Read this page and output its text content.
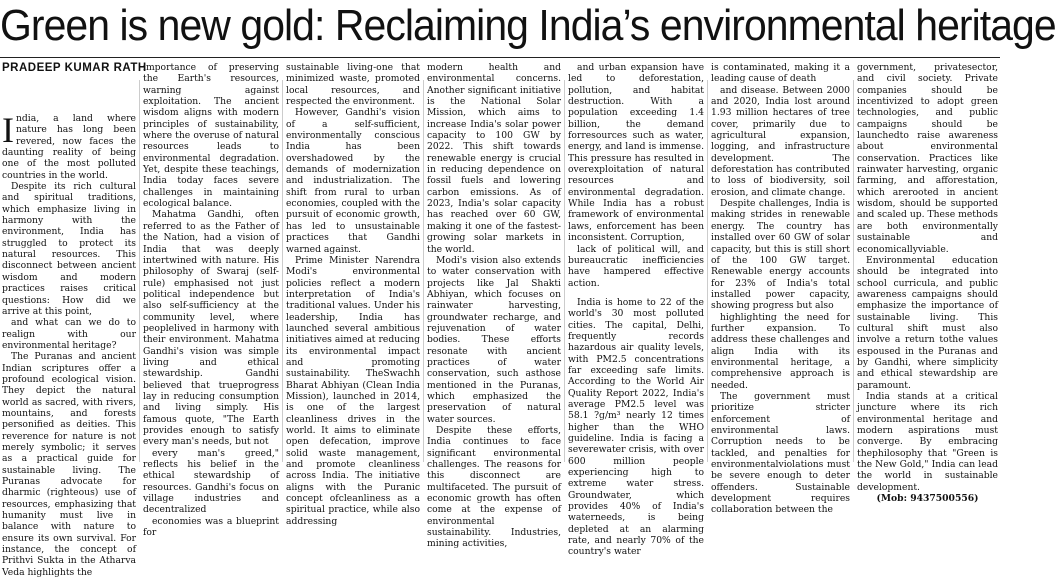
Green is new gold: Reclaiming India’s environmental heritage
PRADEEP KUMAR RATH

India, a land where nature has long been revered, now faces the daunting reality of being one of the most polluted countries in the world.

Despite its rich cultural and spiritual traditions, which emphasize living in harmony with the environment, India has struggled to protect its natural resources. This disconnect between ancient wisdom and modern practices raises critical questions: How did we arrive at this point,

and what can we do to realign with our environmental heritage?

The Puranas and ancient Indian scriptures offer a profound ecological vision. They depict the natural world as sacred, with rivers, mountains, and forests personified as deities. This reverence for nature is not merely symbolic; it serves as a practical guide for sustainable living. The Puranas advocate for dharmic (righteous) use of resources, emphasizing that humanity must live in balance with nature to ensure its own survival. For instance, the concept of Prithvi Sukta in the Atharva Veda highlights the

importance of preserving the Earth's resources, warning against exploitation. The ancient wisdom aligns with modern principles of sustainability, where the overuse of natural resources leads to environmental degradation. Yet, despite these teachings, India today faces severe challenges in maintaining ecological balance.

Mahatma Gandhi, often referred to as the Father of the Nation, had a vision of India that was deeply intertwined with nature. His philosophy of Swaraj (self-rule) emphasised not just political independence but also self-sufficiency at the community level, where peoplelived in harmony with their environment. Mahatma Gandhi's vision was simple living and ethical stewardship. Gandhi believed that trueprogress lay in reducing consumption and living simply. His famous quote, "The Earth provides enough to satisfy every man's needs, but not

every man's greed," reflects his belief in the ethical stewardship of resources. Gandhi's focus on village industries and decentralized

economies was a blueprint for

sustainable living-one that minimized waste, promoted local resources, and respected the environment.

However, Gandhi's vision of a self-sufficient, environmentally conscious India has been overshadowed by the demands of modernization and industrialization. The shift from rural to urban economies, coupled with the pursuit of economic growth, has led to unsustainable practices that Gandhi warned against.

Prime Minister Narendra Modi's environmental policies reflect a modern interpretation of India's traditional values. Under his leadership, India has launched several ambitious initiatives aimed at reducing its environmental impact and promoting sustainability. TheSwachh Bharat Abhiyan (Clean India Mission), launched in 2014, is one of the largest cleanliness drives in the world. It aims to eliminate open defecation, improve solid waste management, and promote cleanliness across India. The initiative aligns with the Puranic concept ofcleanliness as a spiritual practice, while also addressing

modern health and environmental concerns. Another significant initiative is the National Solar Mission, which aims to increase India's solar power capacity to 100 GW by 2022. This shift towards renewable energy is crucial in reducing dependence on fossil fuels and lowering carbon emissions. As of 2023, India's solar capacity has reached over 60 GW, making it one of the fastest-growing solar markets in the world.

Modi's vision also extends to water conservation with projects like Jal Shakti Abhiyan, which focuses on rainwater harvesting, groundwater recharge, and rejuvenation of water bodies. These efforts resonate with ancient practices of water conservation, such asthose mentioned in the Puranas, which emphasized the preservation of natural water sources.

Despite these efforts, India continues to face significant environmental challenges. The reasons for this disconnect are multifaceted. The pursuit of economic growth has often come at the expense of environmental sustainability. Industries, mining activities,

and urban expansion have led to deforestation, pollution, and habitat destruction. With a population exceeding 1.4 billion, the demand forresources such as water, energy, and land is immense. This pressure has resulted in overexploitation of natural resources and environmental degradation. While India has a robust framework of environmental laws, enforcement has been inconsistent. Corruption,

lack of political will, and bureaucratic inefficiencies have hampered effective action.

India is home to 22 of the world's 30 most polluted cities. The capital, Delhi, frequently records hazardous air quality levels, with PM2.5 concentrations far exceeding safe limits. According to the World Air Quality Report 2022, India's average PM2.5 level was 58.1 ?g/m³ nearly 12 times higher than the WHO guideline. India is facing a severewater crisis, with over 600 million people experiencing high to extreme water stress. Groundwater, which provides 40% of India's waterneeds, is being depleted at an alarming rate, and nearly 70% of the country's water

is contaminated, making it a leading cause of death

and disease. Between 2000 and 2020, India lost around 1.93 million hectares of tree cover, primarily due to agricultural expansion, logging, and infrastructure development. The deforestation has contributed to loss of biodiversity, soil erosion, and climate change.

Despite challenges, India is making strides in renewable energy. The country has installed over 60 GW of solar capacity, but this is still short of the 100 GW target. Renewable energy accounts for 23% of India's total installed power capacity, showing progress but also

highlighting the need for further expansion. To address these challenges and align India with its environmental heritage, a comprehensive approach is needed.

The government must prioritize stricter enforcement of environmental laws. Corruption needs to be tackled, and penalties for environmentalviolations must be severe enough to deter offenders. Sustainable development requires collaboration between the

government, privatesector, and civil society. Private companies should be incentivized to adopt green technologies, and public campaigns should be launchedto raise awareness about environmental conservation. Practices like rainwater harvesting, organic farming, and afforestation, which arerooted in ancient wisdom, should be supported and scaled up. These methods are both environmentally sustainable and economicallyviable.

Environmental education should be integrated into school curricula, and public awareness campaigns should emphasize the importance of sustainable living. This cultural shift must also involve a return tothe values espoused in the Puranas and by Gandhi, where simplicity and ethical stewardship are paramount.

India stands at a critical juncture where its rich environmental heritage and modern aspirations must converge. By embracing thephilosophy that "Green is the New Gold," India can lead the world in sustainable development.

(Mob: 9437500556)
